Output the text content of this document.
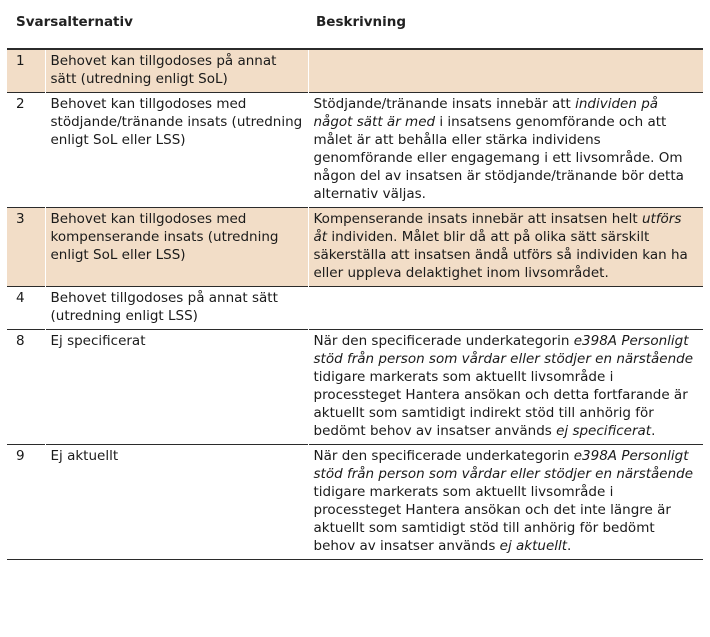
Svarsalternativ		Beskrivning
1	Behovet kan tillgodoses på annat sätt (utredning enligt SoL)	
2	Behovet kan tillgodoses med stödjande/tränande insats (utredning enligt SoL eller LSS)	Stödjande/tränande insats innebär att individen på något sätt är med i insatsens genomförande och att målet är att behålla eller stärka individens genomförande eller engagemang i ett livsområde. Om någon del av insatsen är stödjande/tränande bör detta alternativ väljas.
3	Behovet kan tillgodoses med kompenserande insats (utredning enligt SoL eller LSS)	Kompenserande insats innebär att insatsen helt utförs åt individen. Målet blir då att på olika sätt särskilt säkerställa att insatsen ändå utförs så individen kan ha eller uppleva delaktighet inom livsområdet.
4	Behovet tillgodoses på annat sätt (utredning enligt LSS)	
8	Ej specificerat	När den specificerade underkategorin e398A Personligt stöd från person som vårdar eller stödjer en närstående tidigare markerats som aktuellt livsområde i processteget Hantera ansökan och detta fortfarande är aktuellt som samtidigt indirekt stöd till anhörig för bedömt behov av insatser används ej specificerat.
9	Ej aktuellt	När den specificerade underkategorin e398A Personligt stöd från person som vårdar eller stödjer en närstående tidigare markerats som aktuellt livsområde i processteget Hantera ansökan och det inte längre är aktuellt som samtidigt stöd till anhörig för bedömt behov av insatser används ej aktuellt.
